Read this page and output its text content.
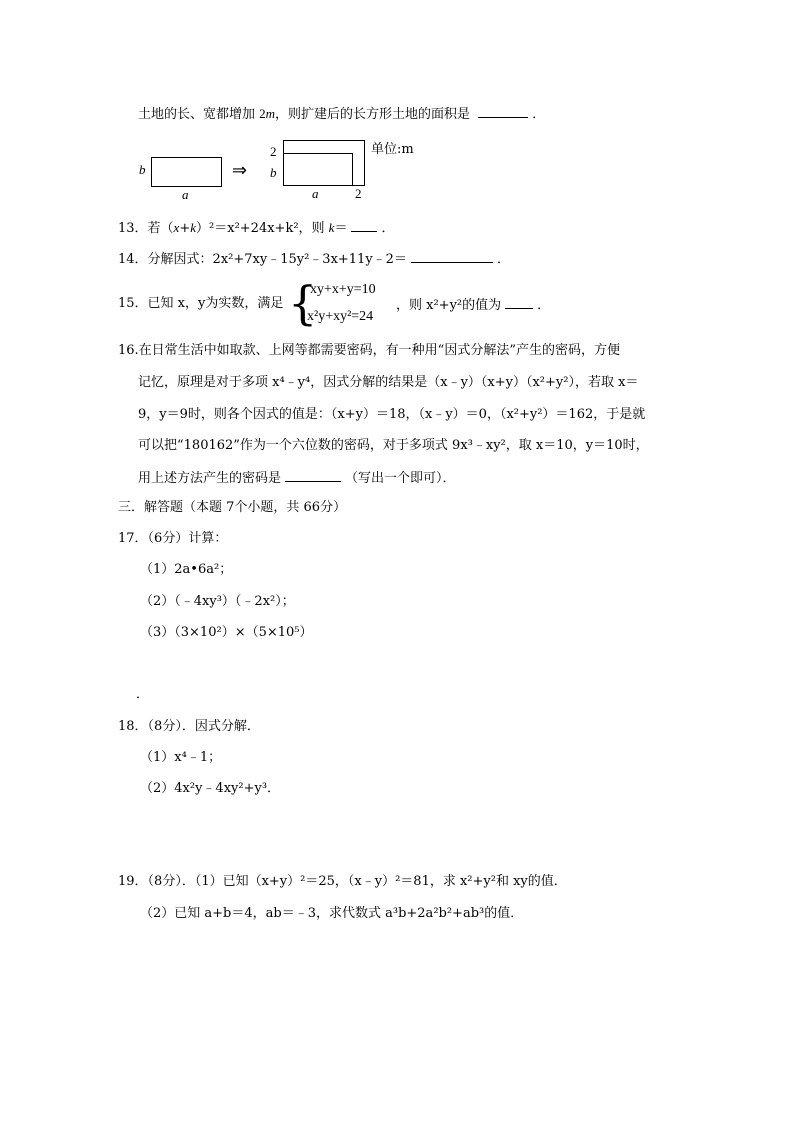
土地的长、宽都增加 2m，则扩建后的长方形土地的面积是	．
b
a
⇒
2
b
a	2
单位:m
13．若（x+k）²＝x²+24x+k²，则 k＝	．
14．分解因式：2x²+7xy﹣15y²﹣3x+11y﹣2＝	．
15．已知 x，y为实数，满足 {
xy+x+y=10
x²y+xy²=24
，则 x²+y²的值为	．
16.在日常生活中如取款、上网等都需要密码，有一种用“因式分解法”产生的密码，方便
记忆，原理是对于多项 x⁴﹣y⁴，因式分解的结果是（x﹣y）（x+y）（x²+y²），若取 x＝
9，y＝9时，则各个因式的值是：（x+y）＝18，（x﹣y）＝0，（x²+y²）＝162，于是就
可以把“180162”作为一个六位数的密码，对于多项式 9x³﹣xy²，取 x＝10，y＝10时，
用上述方法产生的密码是	（写出一个即可）．
三．解答题（本题 7个小题，共 66分）
17．（6分）计算：
（1）2a•6a²；
（2）（﹣4xy³）（﹣2x²）；
（3）（3×10²）×（5×10⁵）
．
18．（8分）．因式分解．
（1）x⁴﹣1；
（2）4x²y﹣4xy²+y³．
19．（8分）．（1）已知（x+y）²＝25，（x﹣y）²＝81，求 x²+y²和 xy的值．
（2）已知 a+b＝4，ab＝﹣3，求代数式 a³b+2a²b²+ab³的值．
